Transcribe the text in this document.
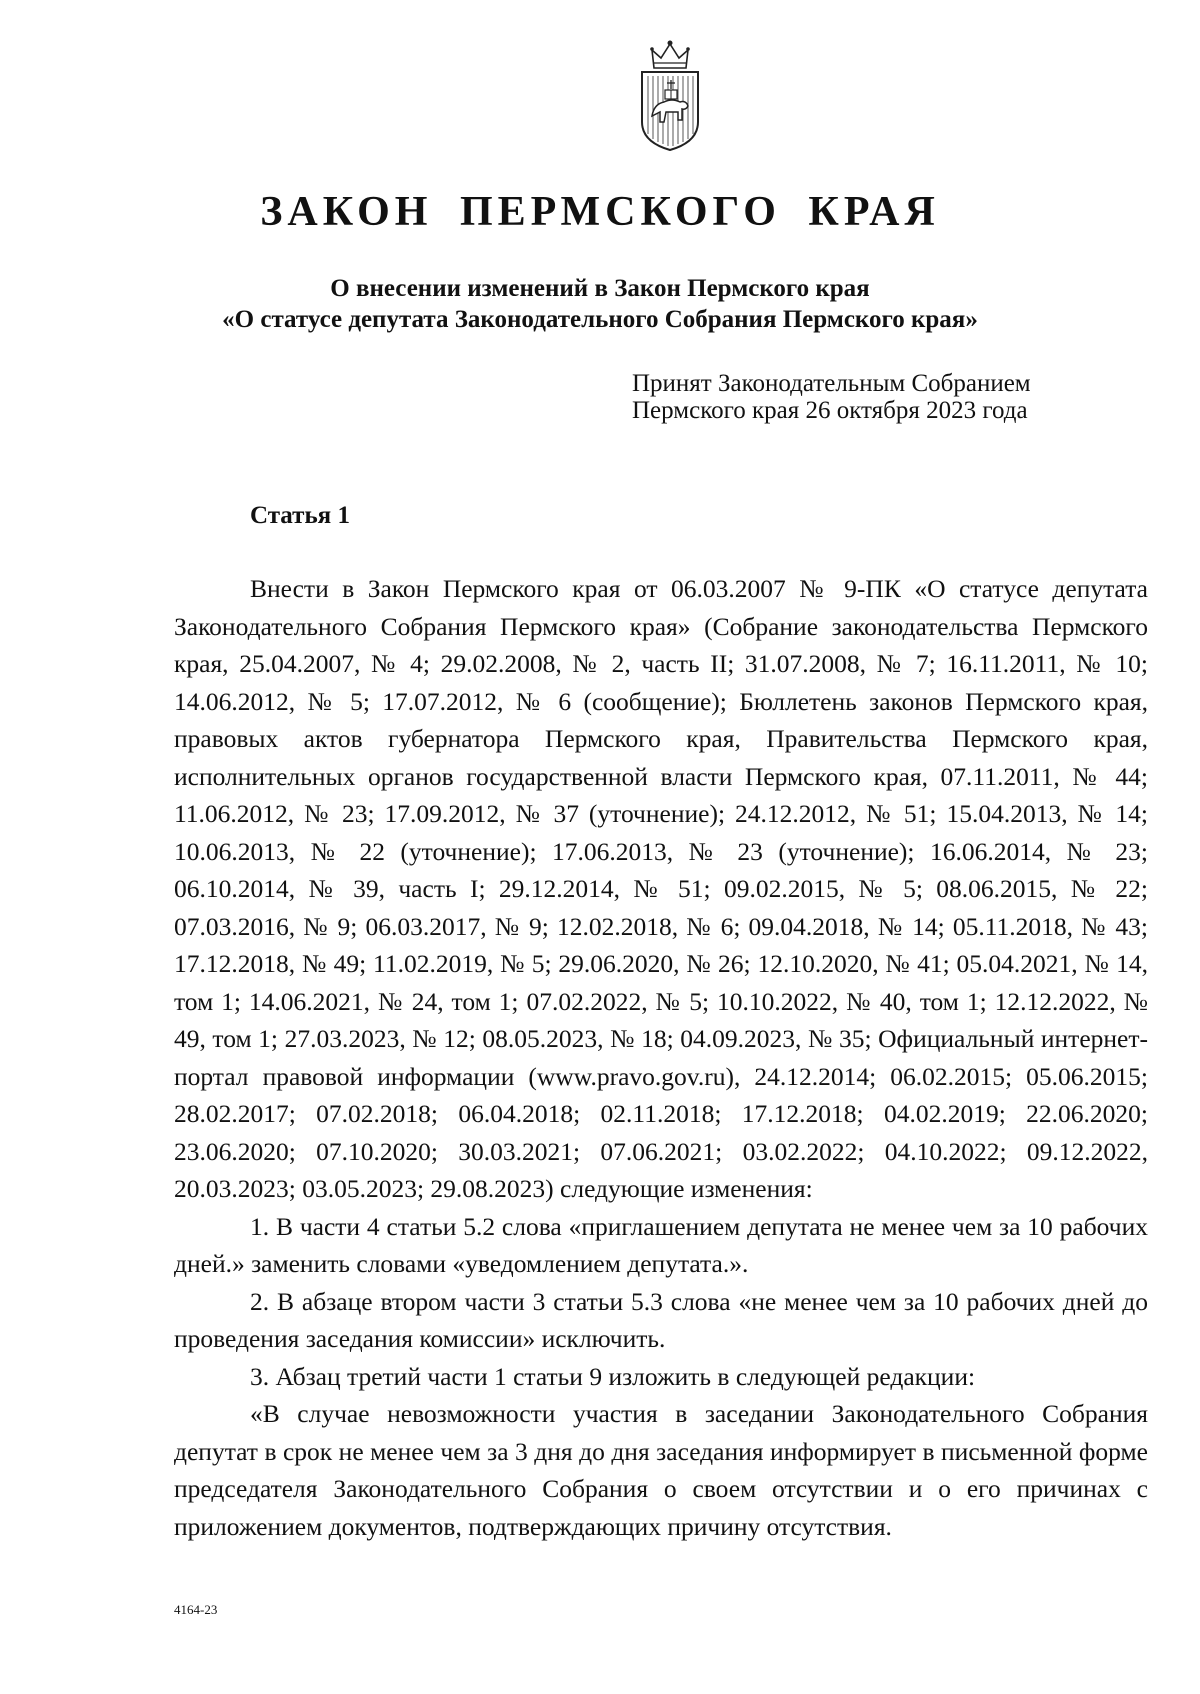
ЗАКОН ПЕРМСКОГО КРАЯ
О внесении изменений в Закон Пермского края
«О статусе депутата Законодательного Собрания Пермского края»
Принят Законодательным Собранием
Пермского края 26 октября 2023 года
Статья 1

Внести в Закон Пермского края от 06.03.2007 № 9-ПК «О статусе депутата Законодательного Собрания Пермского края» (Собрание законодательства Пермского края, 25.04.2007, № 4; 29.02.2008, № 2, часть II; 31.07.2008, № 7; 16.11.2011, № 10; 14.06.2012, № 5; 17.07.2012, № 6 (сообщение); Бюллетень законов Пермского края, правовых актов губернатора Пермского края, Правительства Пермского края, исполнительных органов государственной власти Пермского края, 07.11.2011, № 44; 11.06.2012, № 23; 17.09.2012, № 37 (уточнение); 24.12.2012, № 51; 15.04.2013, № 14; 10.06.2013, № 22 (уточнение); 17.06.2013, № 23 (уточнение); 16.06.2014, № 23; 06.10.2014, № 39, часть I; 29.12.2014, № 51; 09.02.2015, № 5; 08.06.2015, № 22; 07.03.2016, № 9; 06.03.2017, № 9; 12.02.2018, № 6; 09.04.2018, № 14; 05.11.2018, № 43; 17.12.2018, № 49; 11.02.2019, № 5; 29.06.2020, № 26; 12.10.2020, № 41; 05.04.2021, № 14, том 1; 14.06.2021, № 24, том 1; 07.02.2022, № 5; 10.10.2022, № 40, том 1; 12.12.2022, № 49, том 1; 27.03.2023, № 12; 08.05.2023, № 18; 04.09.2023, № 35; Официальный интернет-портал правовой информации (www.pravo.gov.ru), 24.12.2014; 06.02.2015; 05.06.2015; 28.02.2017; 07.02.2018; 06.04.2018; 02.11.2018; 17.12.2018; 04.02.2019; 22.06.2020; 23.06.2020; 07.10.2020; 30.03.2021; 07.06.2021; 03.02.2022; 04.10.2022; 09.12.2022, 20.03.2023; 03.05.2023; 29.08.2023) следующие изменения:

1. В части 4 статьи 5.2 слова «приглашением депутата не менее чем за 10 рабочих дней.» заменить словами «уведомлением депутата.».

2. В абзаце втором части 3 статьи 5.3 слова «не менее чем за 10 рабочих дней до проведения заседания комиссии» исключить.

3. Абзац третий части 1 статьи 9 изложить в следующей редакции:

«В случае невозможности участия в заседании Законодательного Собрания депутат в срок не менее чем за 3 дня до дня заседания информирует в письменной форме председателя Законодательного Собрания о своем отсутствии и о его причинах с приложением документов, подтверждающих причину отсутствия.

4164-23
